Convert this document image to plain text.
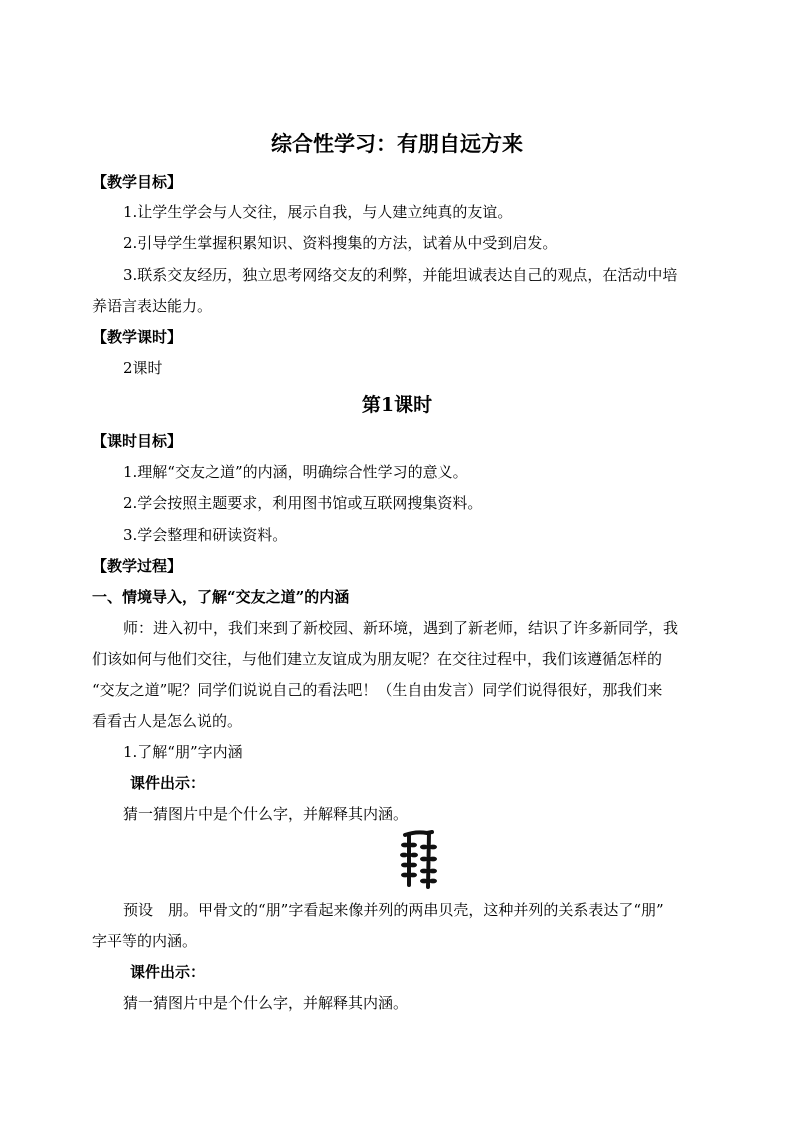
综合性学习：有朋自远方来
【教学目标】
1.让学生学会与人交往，展示自我，与人建立纯真的友谊。
2.引导学生掌握积累知识、资料搜集的方法，试着从中受到启发。
3.联系交友经历，独立思考网络交友的利弊，并能坦诚表达自己的观点，在活动中培
养语言表达能力。
【教学课时】
2课时
第1课时
【课时目标】
1.理解“交友之道”的内涵，明确综合性学习的意义。
2.学会按照主题要求，利用图书馆或互联网搜集资料。
3.学会整理和研读资料。
【教学过程】
一、情境导入，了解“交友之道”的内涵
师：进入初中，我们来到了新校园、新环境，遇到了新老师，结识了许多新同学，我
们该如何与他们交往，与他们建立友谊成为朋友呢？在交往过程中，我们该遵循怎样的
“交友之道”呢？同学们说说自己的看法吧！（生自由发言）同学们说得很好，那我们来
看看古人是怎么说的。
1.了解“朋”字内涵
课件出示：
猜一猜图片中是个什么字，并解释其内涵。
预设　朋。甲骨文的“朋”字看起来像并列的两串贝壳，这种并列的关系表达了“朋”
字平等的内涵。
课件出示：
猜一猜图片中是个什么字，并解释其内涵。
